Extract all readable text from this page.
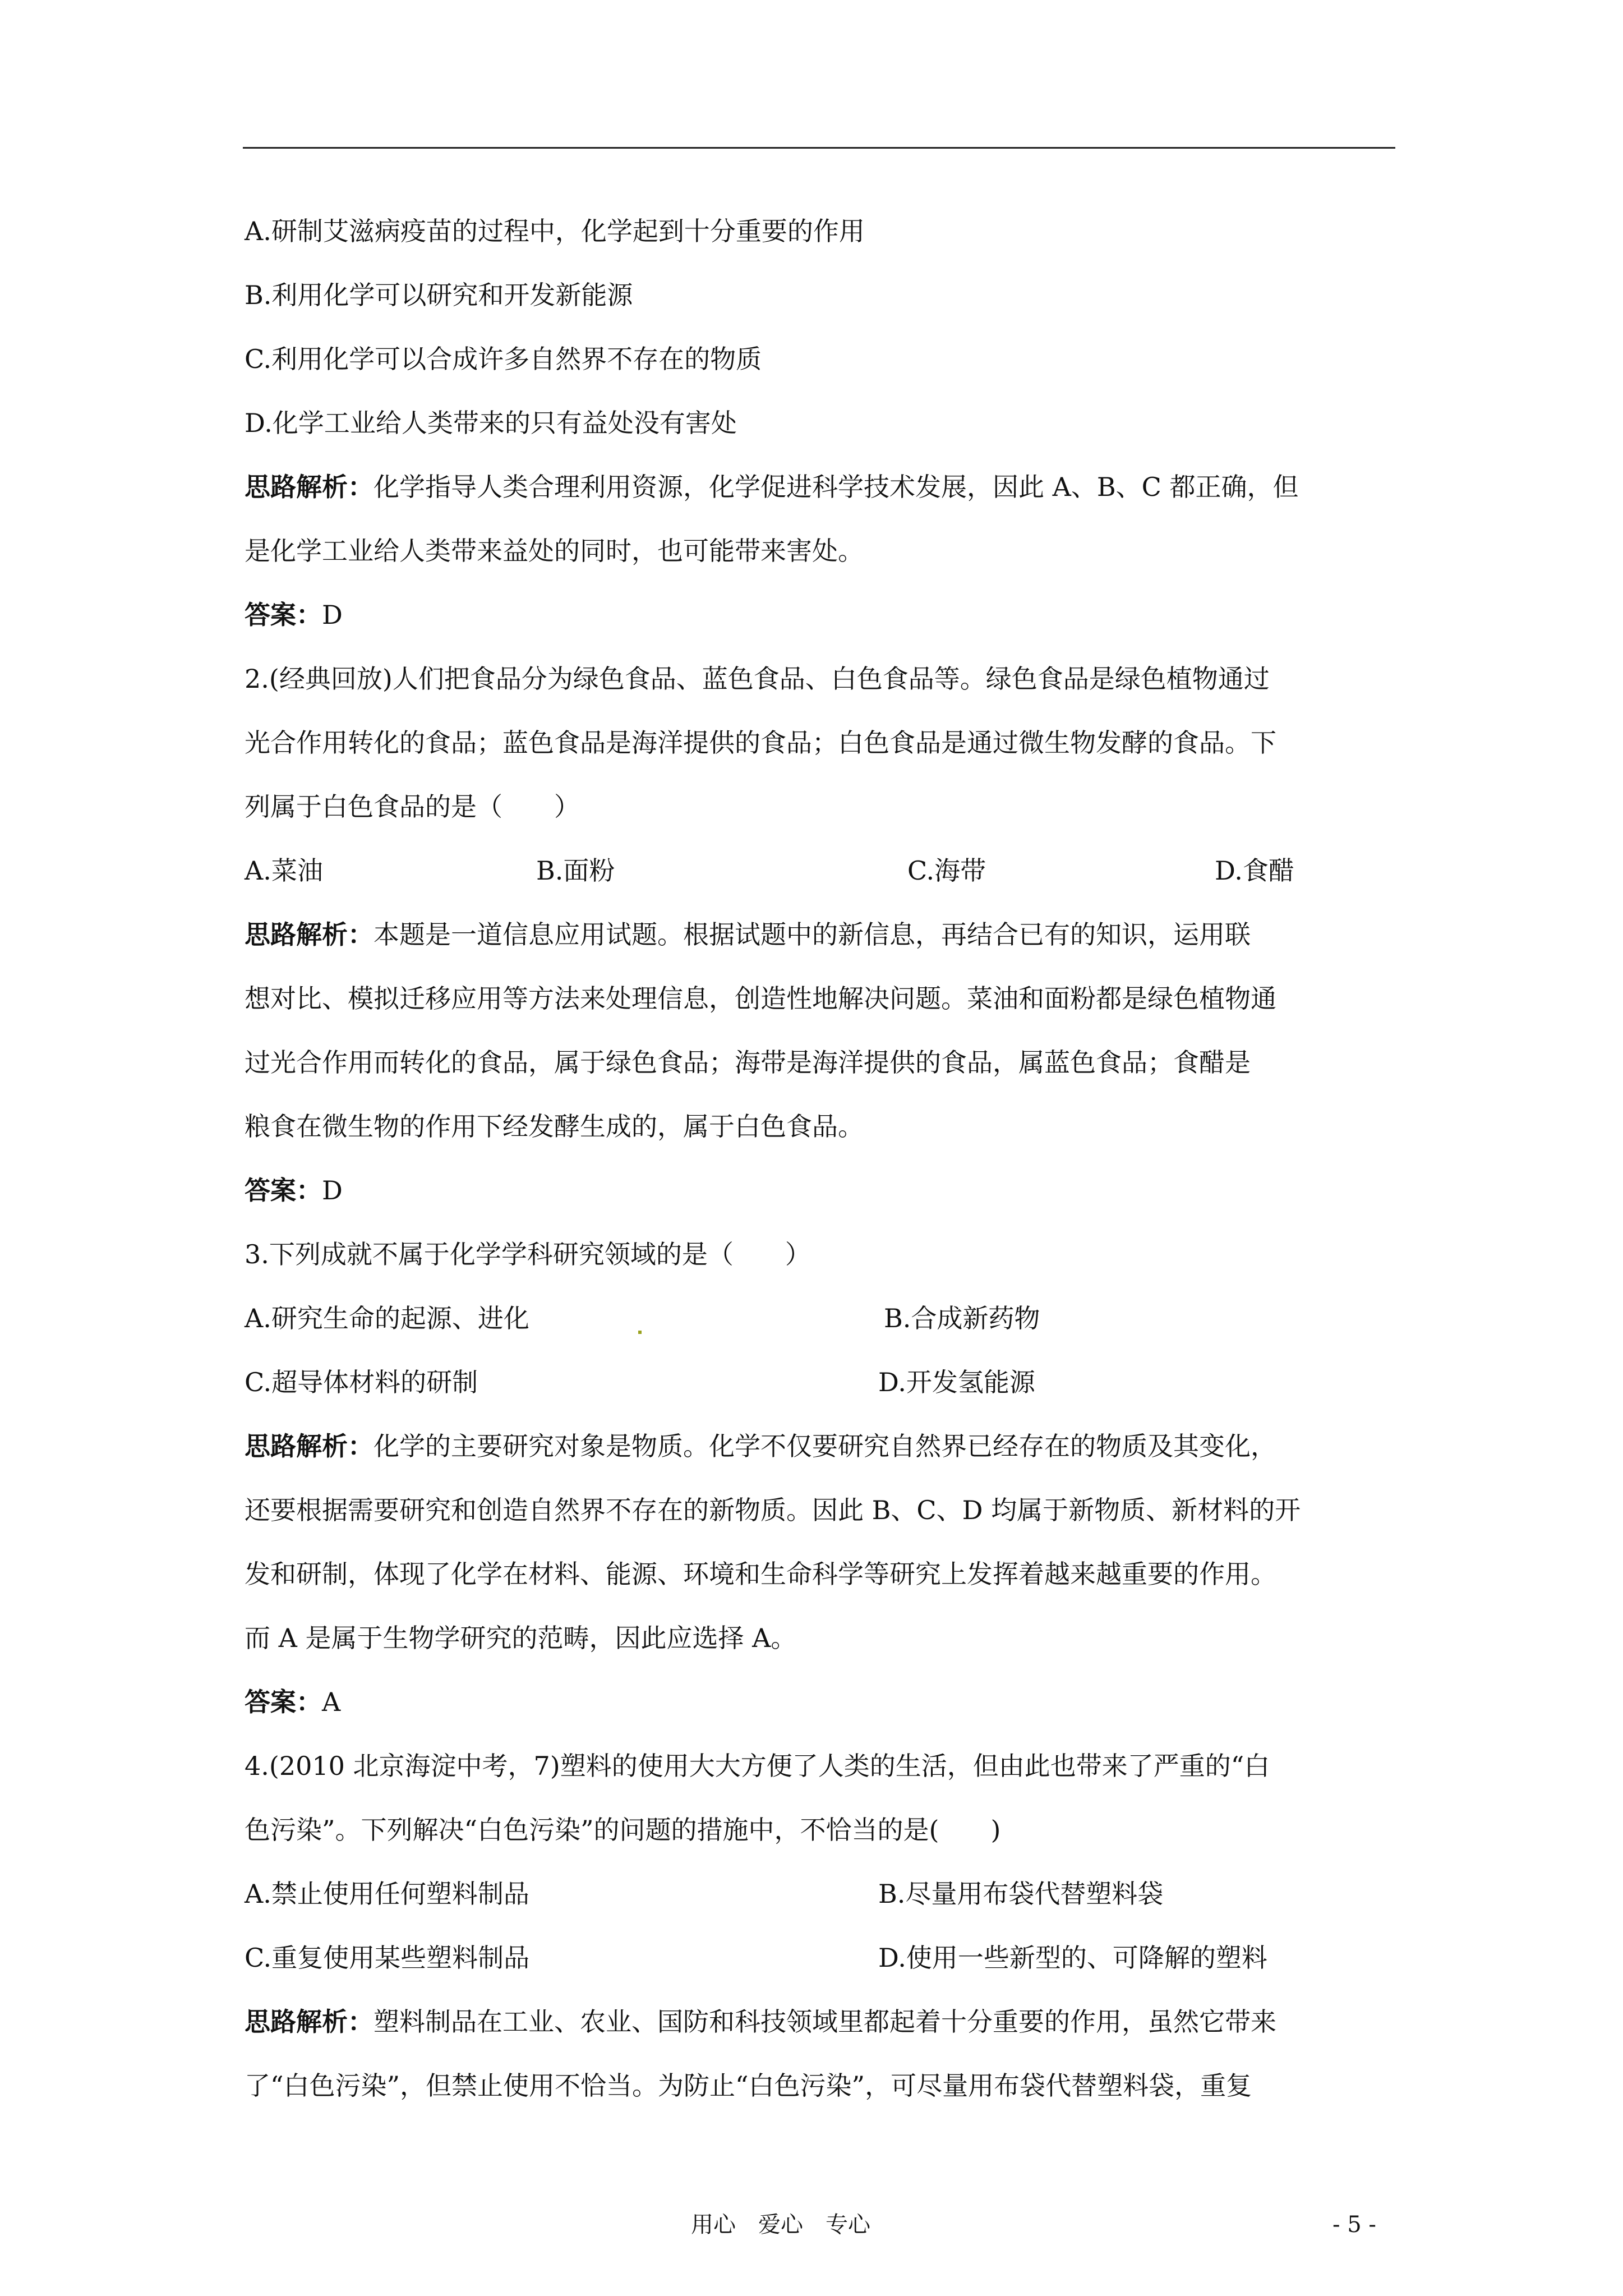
A.研制艾滋病疫苗的过程中，化学起到十分重要的作用
B.利用化学可以研究和开发新能源
C.利用化学可以合成许多自然界不存在的物质
D.化学工业给人类带来的只有益处没有害处
思路解析：化学指导人类合理利用资源，化学促进科学技术发展，因此 A、B、C 都正确，但
是化学工业给人类带来益处的同时，也可能带来害处。
答案：D
2.(经典回放)人们把食品分为绿色食品、蓝色食品、白色食品等。绿色食品是绿色植物通过
光合作用转化的食品；蓝色食品是海洋提供的食品；白色食品是通过微生物发酵的食品。下
列属于白色食品的是（　　）
A.菜油	B.面粉	C.海带	D.食醋
思路解析：本题是一道信息应用试题。根据试题中的新信息，再结合已有的知识，运用联
想对比、模拟迁移应用等方法来处理信息，创造性地解决问题。菜油和面粉都是绿色植物通
过光合作用而转化的食品，属于绿色食品；海带是海洋提供的食品，属蓝色食品；食醋是
粮食在微生物的作用下经发酵生成的，属于白色食品。
答案：D
3.下列成就不属于化学学科研究领域的是（　　）
A.研究生命的起源、进化	B.合成新药物
C.超导体材料的研制	D.开发氢能源
思路解析：化学的主要研究对象是物质。化学不仅要研究自然界已经存在的物质及其变化，
还要根据需要研究和创造自然界不存在的新物质。因此 B、C、D 均属于新物质、新材料的开
发和研制，体现了化学在材料、能源、环境和生命科学等研究上发挥着越来越重要的作用。
而 A 是属于生物学研究的范畴，因此应选择 A。
答案：A
4.(2010 北京海淀中考，7)塑料的使用大大方便了人类的生活，但由此也带来了严重的“白
色污染”。下列解决“白色污染”的问题的措施中，不恰当的是(　　)
A.禁止使用任何塑料制品	B.尽量用布袋代替塑料袋
C.重复使用某些塑料制品	D.使用一些新型的、可降解的塑料
思路解析：塑料制品在工业、农业、国防和科技领域里都起着十分重要的作用，虽然它带来
了“白色污染”，但禁止使用不恰当。为防止“白色污染”，可尽量用布袋代替塑料袋，重复
用心　爱心　专心	- 5 -
